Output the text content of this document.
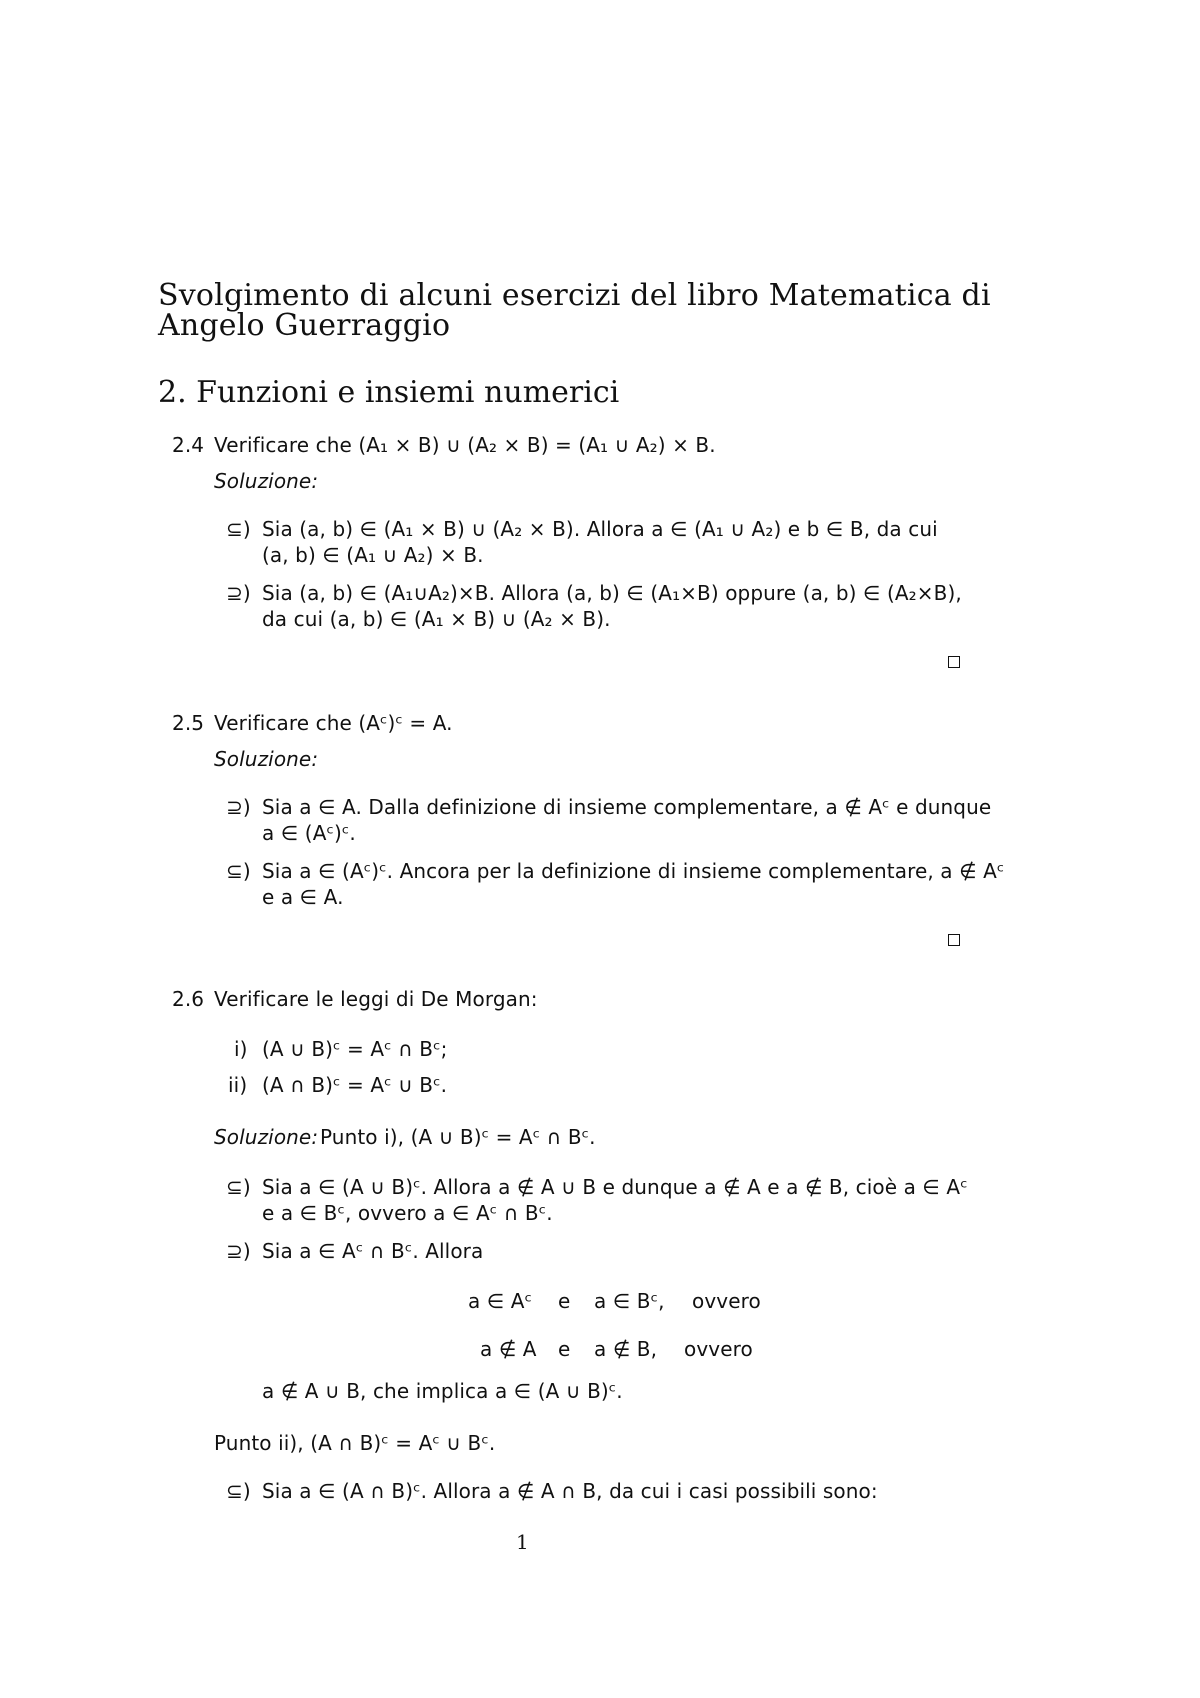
Svolgimento di alcuni esercizi del libro Matematica di
Angelo Guerraggio
2. Funzioni e insiemi numerici
2.4 Verificare che (A₁ × B) ∪ (A₂ × B) = (A₁ ∪ A₂) × B.
Soluzione:
⊆) Sia (a, b) ∈ (A₁ × B) ∪ (A₂ × B). Allora a ∈ (A₁ ∪ A₂) e b ∈ B, da cui
(a, b) ∈ (A₁ ∪ A₂) × B.
⊇) Sia (a, b) ∈ (A₁∪A₂)×B. Allora (a, b) ∈ (A₁×B) oppure (a, b) ∈ (A₂×B),
da cui (a, b) ∈ (A₁ × B) ∪ (A₂ × B).
2.5 Verificare che (Aᶜ)ᶜ = A.
Soluzione:
⊇) Sia a ∈ A. Dalla definizione di insieme complementare, a ∉ Aᶜ e dunque
a ∈ (Aᶜ)ᶜ.
⊆) Sia a ∈ (Aᶜ)ᶜ. Ancora per la definizione di insieme complementare, a ∉ Aᶜ
e a ∈ A.
2.6 Verificare le leggi di De Morgan:
i) (A ∪ B)ᶜ = Aᶜ ∩ Bᶜ;
ii) (A ∩ B)ᶜ = Aᶜ ∪ Bᶜ.
Soluzione: Punto i), (A ∪ B)ᶜ = Aᶜ ∩ Bᶜ.
⊆) Sia a ∈ (A ∪ B)ᶜ. Allora a ∉ A ∪ B e dunque a ∉ A e a ∉ B, cioè a ∈ Aᶜ
e a ∈ Bᶜ, ovvero a ∈ Aᶜ ∩ Bᶜ.
⊇) Sia a ∈ Aᶜ ∩ Bᶜ. Allora
a ∈ Aᶜ e a ∈ Bᶜ, ovvero
a ∉ A e a ∉ B, ovvero
a ∉ A ∪ B, che implica a ∈ (A ∪ B)ᶜ.
Punto ii), (A ∩ B)ᶜ = Aᶜ ∪ Bᶜ.
⊆) Sia a ∈ (A ∩ B)ᶜ. Allora a ∉ A ∩ B, da cui i casi possibili sono:
1
